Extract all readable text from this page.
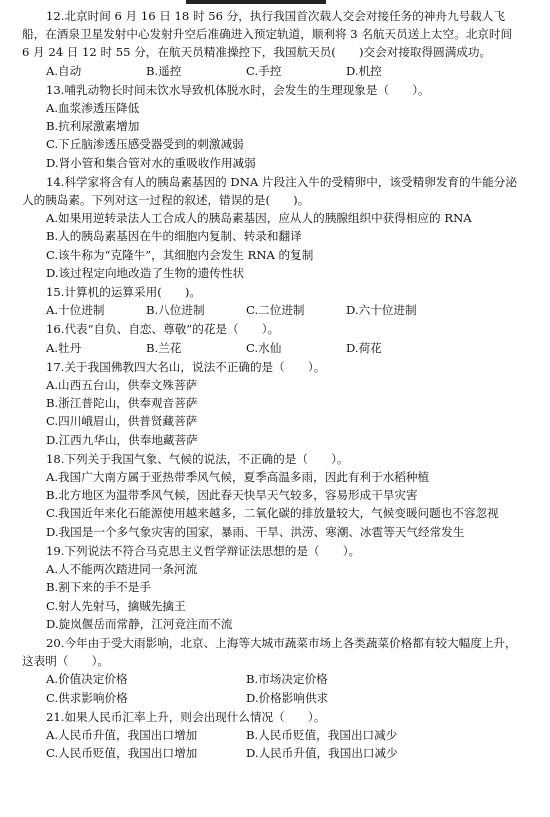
12.北京时间 6 月 16 日 18 时 56 分，执行我国首次载人交会对接任务的神舟九号载人飞船，在酒泉卫星发射中心发射升空后准确进入预定轨道，顺利将 3 名航天员送上太空。北京时间 6 月 24 日 12 时 55 分，在航天员精准操控下，我国航天员(　　)交会对接取得圆满成功。
A.自动	B.遥控	C.手控	D.机控
13.哺乳动物长时间未饮水导致机体脱水时，会发生的生理现象是（　　）。
A.血浆渗透压降低
B.抗利尿激素增加
C.下丘脑渗透压感受器受到的刺激减弱
D.肾小管和集合管对水的重吸收作用减弱
14.科学家将含有人的胰岛素基因的 DNA 片段注入牛的受精卵中，该受精卵发育的牛能分泌人的胰岛素。下列对这一过程的叙述，错误的是(　　)。
A.如果用逆转录法人工合成人的胰岛素基因，应从人的胰腺组织中获得相应的 RNA
B.人的胰岛素基因在牛的细胞内复制、转录和翻译
C.该牛称为“克隆牛”，其细胞内会发生 RNA 的复制
D.该过程定向地改造了生物的遗传性状
15.计算机的运算采用(　　)。
A.十位进制	B.八位进制	C.二位进制	D.六十位进制
16.代表“自负、自恋、尊敬”的花是（　　）。
A.牡丹	B.兰花	C.水仙	D.荷花
17.关于我国佛教四大名山，说法不正确的是（　　）。
A.山西五台山，供奉文殊菩萨
B.浙江普陀山，供奉观音菩萨
C.四川峨眉山，供普贤藏菩萨
D.江西九华山，供奉地藏菩萨
18.下列关于我国气象、气候的说法，不正确的是（　　）。
A.我国广大南方属于亚热带季风气候，夏季高温多雨，因此有利于水稻种植
B.北方地区为温带季风气候，因此春天快旱天气较多，容易形成干旱灾害
C.我国近年来化石能源使用越来越多，二氧化碳的排放量较大，气候变暖问题也不容忽视
D.我国是一个多气象灾害的国家，暴雨、干旱、洪涝、寒潮、冰雹等天气经常发生
19.下列说法不符合马克思主义哲学辩证法思想的是（　　）。
A.人不能两次踏进同一条河流
B.割下来的手不是手
C.射人先射马，擒贼先擒王
D.旋岚偃岳而常静，江河竞注而不流
20.今年由于受大雨影响，北京、上海等大城市蔬菜市场上各类蔬菜价格都有较大幅度上升，这表明（　　）。
A.价值决定价格	B.市场决定价格
C.供求影响价格	D.价格影响供求
21.如果人民币汇率上升，则会出现什么情况（　　）。
A.人民币升值，我国出口增加	B.人民币贬值，我国出口减少
C.人民币贬值，我国出口增加	D.人民币升值，我国出口减少
